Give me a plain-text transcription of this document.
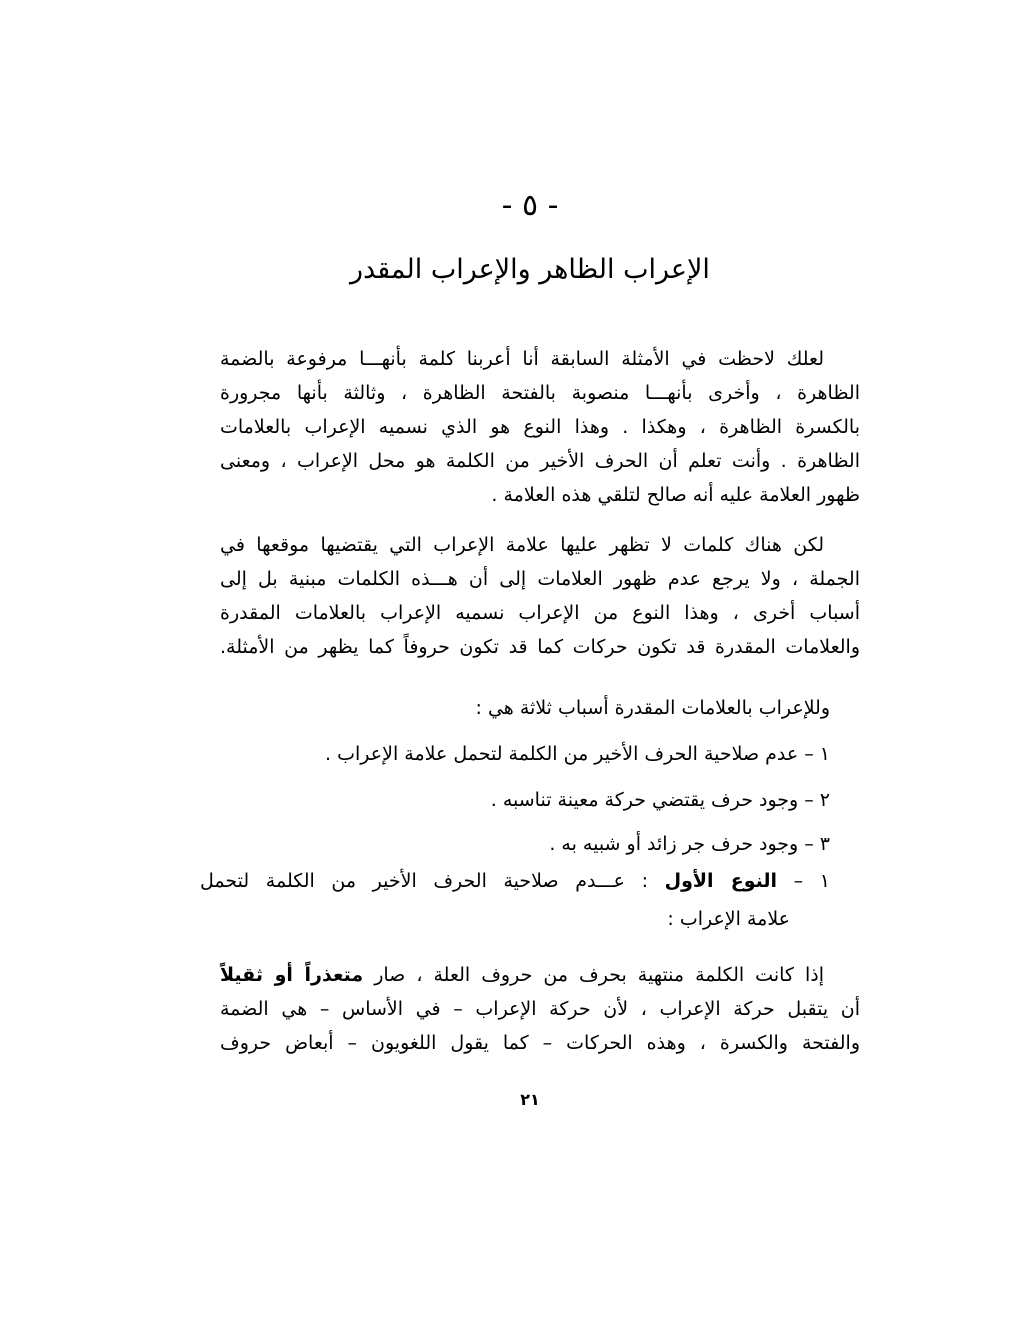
- ٥ -
الإعراب الظاهر والإعراب المقدر
لعلك لاحظت في الأمثلة السابقة أنا أعربنا كلمة بأنهـــا مرفوعة بالضمة
الظاهرة ، وأخرى بأنهـــا منصوبة بالفتحة الظاهرة ، وثالثة بأنها مجرورة
بالكسرة الظاهرة ، وهكذا . وهذا النوع هو الذي نسميه الإعراب بالعلامات
الظاهرة . وأنت تعلم أن الحرف الأخير من الكلمة هو محل الإعراب ، ومعنى
ظهور العلامة عليه أنه صالح لتلقي هذه العلامة .
لكن هناك كلمات لا تظهر عليها علامة الإعراب التي يقتضيها موقعها في
الجملة ، ولا يرجع عدم ظهور العلامات إلى أن هـــذه الكلمات مبنية بل إلى
أسباب أخرى ، وهذا النوع من الإعراب نسميه الإعراب بالعلامات المقدرة
والعلامات المقدرة قد تكون حركات كما قد تكون حروفاً كما يظهر من الأمثلة.
وللإعراب بالعلامات المقدرة أسباب ثلاثة هي :
١ – عدم صلاحية الحرف الأخير من الكلمة لتحمل علامة الإعراب .
٢ – وجود حرف يقتضي حركة معينة تناسبه .
٣ – وجود حرف جر زائد أو شبيه به .
١ – النوع الأول : عـــدم صلاحية الحرف الأخير من الكلمة لتحمل
علامة الإعراب :
إذا كانت الكلمة منتهية بحرف من حروف العلة ، صار متعذراً أو ثقيلاً
أن يتقبل حركة الإعراب ، لأن حركة الإعراب – في الأساس – هي الضمة
والفتحة والكسرة ، وهذه الحركات – كما يقول اللغويون – أبعاض حروف
٢١
